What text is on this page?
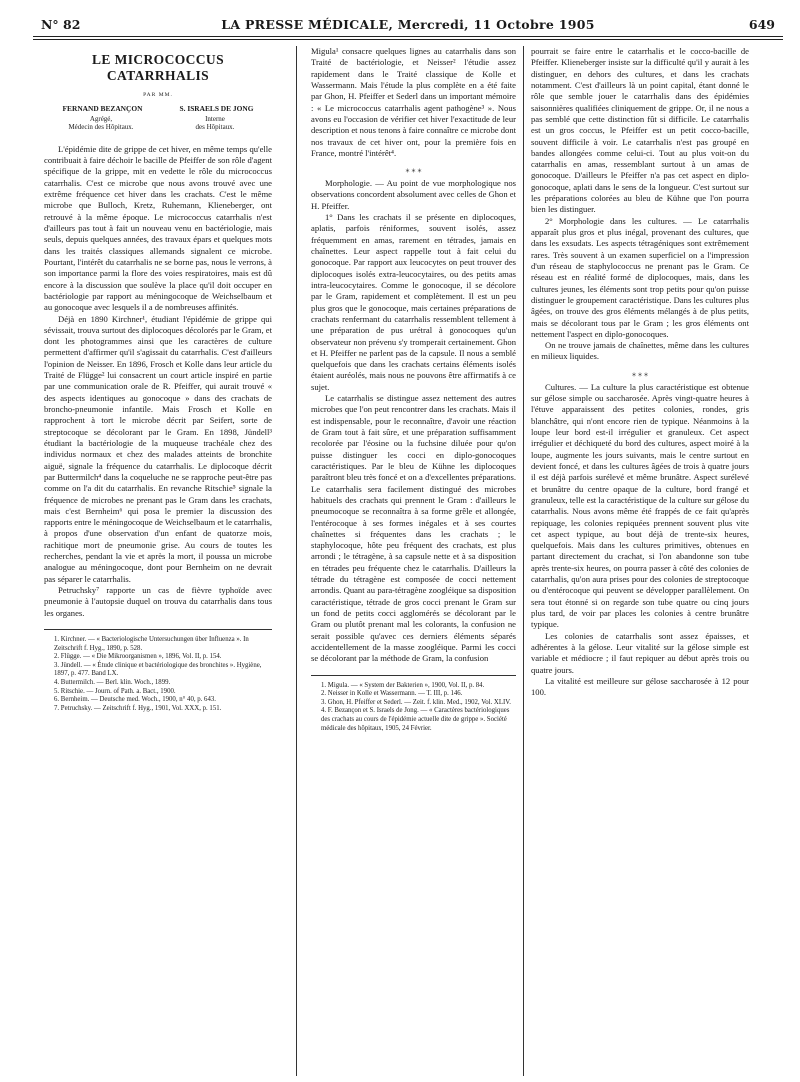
N° 82	LA PRESSE MÉDICALE, Mercredi, 11 Octobre 1905	649
LE MICROCOCCUS CATARRHALIS
PAR MM.
FERNAND BEZANÇON	S. ISRAELS DE JONG
Agrégé,
Médecin des Hôpitaux.
Interne
des Hôpitaux.

L'épidémie dite de grippe de cet hiver, en même temps qu'elle contribuait à faire déchoir le bacille de Pfeiffer de son rôle d'agent spécifique de la grippe, mit en vedette le rôle du micrococcus catarrhalis. C'est ce microbe que nous avons trouvé avec une extrême fréquence cet hiver dans les crachats. C'est le même microbe que Bulloch, Kretz, Ruhemann, Klieneberger, ont retrouvé à la même époque. Le micrococcus catarrhalis n'est d'ailleurs pas tout à fait un nouveau venu en bactériologie, mais seuls, depuis quelques années, des travaux épars et quelques mots dans les traités classiques allemands signalent ce microbe. Pourtant, l'intérêt du catarrhalis ne se borne pas, nous le verrons, à son importance parmi la flore des voies respiratoires, mais est dû encore à la discussion que soulève la place qu'il doit occuper en bactériologie par rapport au méningocoque de Weichselbaum et au gonocoque avec lesquels il a de nombreuses affinités.

Déjà en 1890 Kirchner¹, étudiant l'épidémie de grippe qui sévissait, trouva surtout des diplocoques décolorés par le Gram, et dont les photogrammes ainsi que les caractères de culture permettent d'affirmer qu'il s'agissait du catarrhalis. C'est d'ailleurs l'opinion de Neisser. En 1896, Frosch et Kolle dans leur article du Traité de Flügge² lui consacrent un court article inspiré en partie par une communication orale de R. Pfeiffer, qui aurait trouvé « des aspects identiques au gonocoque » dans des crachats de broncho-pneumonie infantile. Mais Frosch et Kolle en rapprochent à tort le microbe décrit par Seifert, sorte de streptocoque se décolorant par le Gram. En 1898, Jündell³ étudiant la bactériologie de la muqueuse trachéale chez des individus normaux et chez des malades atteints de bronchite aiguë, signale la fréquence du catarrhalis. Le diplocoque décrit par Buttermilch⁴ dans la coqueluche ne se rapproche peut-être pas comme on l'a dit du catarrhalis. En revanche Ritschie⁵ signale la fréquence de microbes ne prenant pas le Gram dans les crachats, mais c'est Bernheim⁶ qui posa le premier la discussion des rapports entre le méningocoque de Weichselbaum et le catarrhalis, à propos d'une observation d'un enfant de quatorze mois, rachitique mort de pneumonie grise. Au cours de toutes les recherches, pendant la vie et après la mort, il poussa un microbe analogue au méningocoque, dont pour Bernheim on ne devrait pas séparer le catarrhalis.

Petruchsky⁷ rapporte un cas de fièvre typhoïde avec pneumonie à l'autopsie duquel on trouva du catarrhalis dans tous les organes.

1. Kirchner. — « Bacteriologische Untersuchungen über Influenza ». In Zeitschrift f. Hyg., 1890, p. 528.

2. Flügge. — « Die Mikroorganismen », 1896, Vol. II, p. 154.

3. Jündell. — « Étude clinique et bactériologique des bronchites ». Hygiène, 1897, p. 477. Band LX.

4. Buttermilch. — Berl. klin. Woch., 1899.

5. Ritschie. — Journ. of Path. a. Bact., 1900.

6. Bernheim. — Deutsche med. Woch., 1900, n° 40, p. 643.

7. Petruchsky. — Zeitschrift f. Hyg., 1901, Vol. XXX, p. 151.

Migula¹ consacre quelques lignes au catarrhalis dans son Traité de bactériologie, et Neisser² l'étudie assez rapidement dans le Traité classique de Kolle et Wassermann. Mais l'étude la plus complète en a été faite par Ghon, H. Pfeiffer et Sederl dans un important mémoire : « Le micrococcus catarrhalis agent pathogène³ ». Nous avons eu l'occasion de vérifier cet hiver l'exactitude de leur description et nous tenons à faire connaître ce microbe dont nos travaux de cet hiver ont, pour la première fois en France, montré l'intérêt⁴.

⁎ ⁎ ⁎

Morphologie. — Au point de vue morphologique nos observations concordent absolument avec celles de Ghon et H. Pfeiffer.

1° Dans les crachats il se présente en diplocoques, aplatis, parfois réniformes, souvent isolés, assez fréquemment en amas, rarement en tétrades, jamais en chaînettes. Leur aspect rappelle tout à fait celui du gonocoque. Par rapport aux leucocytes on peut trouver des diplocoques isolés extra-leucocytaires, ou des petits amas intra-leucocytaires. Comme le gonocoque, il se décolore par le Gram, rapidement et complètement. Il est un peu plus gros que le gonocoque, mais certaines préparations de crachats renfermant du catarrhalis ressemblent tellement à une préparation de pus urétral à gonocoques qu'un observateur non prévenu s'y tromperait certainement. Ghon et H. Pfeiffer ne parlent pas de la capsule. Il nous a semblé quelquefois que dans les crachats certains éléments isolés étaient auréolés, mais nous ne pouvons être affirmatifs à ce sujet.

Le catarrhalis se distingue assez nettement des autres microbes que l'on peut rencontrer dans les crachats. Mais il est indispensable, pour le reconnaître, d'avoir une réaction de Gram tout à fait sûre, et une préparation suffisamment recolorée par l'éosine ou la fuchsine diluée pour qu'on puisse distinguer les cocci en diplo-gonocoques caractéristiques. Par le bleu de Kühne les diplocoques paraîtront bleu très foncé et on a d'excellentes préparations. Le catarrhalis sera facilement distingué des microbes habituels des crachats qui prennent le Gram : d'ailleurs le pneumocoque se reconnaîtra à sa forme grêle et allongée, l'entérocoque à ses formes inégales et à ses courtes chaînettes si fréquentes dans les crachats ; le staphylocoque, hôte peu fréquent des crachats, est plus arrondi ; le tétragène, à sa capsule nette et à sa disposition en tétrades peu fréquente chez le catarrhalis. D'ailleurs la tétrade du tétragène est composée de cocci nettement arrondis. Quant au para-tétragène zoogléique sa disposition caractéristique, tétrade de gros cocci prenant le Gram sur un fond de petits cocci agglomérés se décolorant par le Gram ou plutôt prenant mal les colorants, la confusion ne serait possible qu'avec ces derniers éléments séparés accidentellement de la masse zoogléique. Parmi les cocci se décolorant par la méthode de Gram, la confusion

1. Migula. — « System der Bakterien », 1900, Vol. II, p. 84.

2. Neisser in Kolle et Wassermann. — T. III, p. 146.

3. Ghon, H. Pfeiffer et Sederl. — Zeit. f. klin. Med., 1902, Vol. XLIV.

4. F. Bezançon et S. Israels de Jong. — « Caractères bactériologiques des crachats au cours de l'épidémie actuelle dite de grippe ». Société médicale des hôpitaux, 1905, 24 Février.

pourrait se faire entre le catarrhalis et le cocco-bacille de Pfeiffer. Klieneberger insiste sur la difficulté qu'il y aurait à les distinguer, en dehors des cultures, et dans les crachats notamment. C'est d'ailleurs là un point capital, étant donné le rôle que semble jouer le catarrhalis dans des épidémies saisonnières qualifiées cliniquement de grippe. Or, il ne nous a pas semblé que cette distinction fût si difficile. Le catarrhalis est un gros coccus, le Pfeiffer est un petit cocco-bacille, souvent difficile à voir. Le catarrhalis n'est pas groupé en bandes allongées comme celui-ci. Tout au plus voit-on du catarrhalis en amas, ressemblant surtout à un amas de gonocoque. D'ailleurs le Pfeiffer n'a pas cet aspect en diplo-gonocoque, aplati dans le sens de la longueur. C'est surtout sur les préparations colorées au bleu de Kühne que l'on pourra bien les distinguer.

2° Morphologie dans les cultures. — Le catarrhalis apparaît plus gros et plus inégal, provenant des cultures, que dans les exsudats. Les aspects tétragéniques sont extrêmement rares. Très souvent à un examen superficiel on a l'impression d'un réseau de staphylococcus ne prenant pas le Gram. Ce réseau est en réalité formé de diplocoques, mais, dans les cultures jeunes, les éléments sont trop petits pour qu'on puisse distinguer le groupement caractéristique. Dans les cultures plus âgées, on trouve des gros éléments mélangés à de plus petits, mais se décolorant tous par le Gram ; les gros éléments ont nettement l'aspect en diplo-gonocoques.

On ne trouve jamais de chaînettes, même dans les cultures en milieux liquides.

⁎ ⁎ ⁎

Cultures. — La culture la plus caractéristique est obtenue sur gélose simple ou saccharosée. Après vingt-quatre heures à l'étuve apparaissent des petites colonies, rondes, gris blanchâtre, qui n'ont encore rien de typique. Néanmoins à la loupe leur bord est-il irrégulier et granuleux. Cet aspect irrégulier et déchiqueté du bord des cultures, aspect moiré à la loupe, augmente les jours suivants, mais le centre surtout en devient foncé, et dans les cultures âgées de trois à quatre jours il est déjà parfois surélevé et même brunâtre. Aspect surélevé et brunâtre du centre opaque de la culture, bord frangé et granuleux, telle est la caractéristique de la culture sur gélose du catarrhalis. Nous avons même été frappés de ce fait qu'après repiquage, les colonies repiquées prennent souvent plus vite cet aspect typique, au bout déjà de trente-six heures, quelquefois. Mais dans les cultures primitives, obtenues en partant directement du crachat, si l'on abandonne son tube après trente-six heures, on pourra passer à côté des colonies de catarrhalis, qu'on aura prises pour des colonies de streptocoque ou d'entérocoque qui peuvent se développer parallèlement. On sera tout étonné si on regarde son tube quatre ou cinq jours plus tard, de voir par places les colonies à centre brunâtre typique.

Les colonies de catarrhalis sont assez épaisses, et adhérentes à la gélose. Leur vitalité sur la gélose simple est variable et médiocre ; il faut repiquer au début après trois ou quatre jours.

La vitalité est meilleure sur gélose saccharosée à 12 pour 100.
